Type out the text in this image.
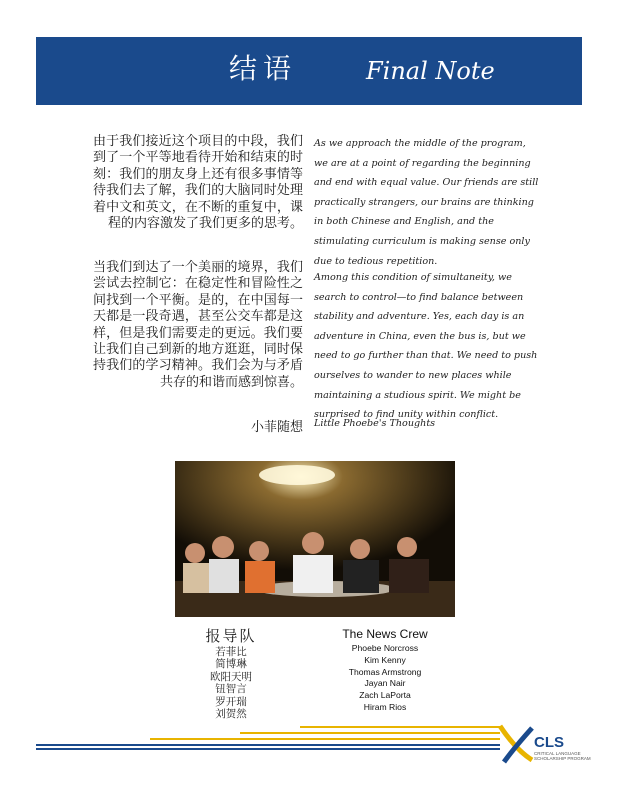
结语	Final Note

由于我们接近这个项目的中段，我们到了一个平等地看待开始和结束的时刻：我们的朋友身上还有很多事情等待我们去了解，我们的大脑同时处理着中文和英文，在不断的重复中，课程的内容激发了我们更多的思考。

当我们到达了一个美丽的境界，我们尝试去控制它：在稳定性和冒险性之间找到一个平衡。是的，在中国每一天都是一段奇遇，甚至公交车都是这样，但是我们需要走的更远。我们要让我们自己到新的地方逛逛，同时保持我们的学习精神。我们会为与矛盾共存的和谐而感到惊喜。

As we approach the middle of the program, we are at a point of regarding the beginning and end with equal value. Our friends are still practically strangers, our brains are thinking in both Chinese and English, and the stimulating curriculum is making sense only due to tedious repetition.

Among this condition of simultaneity, we search to control—to find balance between stability and adventure. Yes, each day is an adventure in China, even the bus is, but we need to go further than that. We need to push ourselves to wander to new places while maintaining a studious spirit. We might be surprised to find unity within conflict.

小菲随想 Little Phoebe's Thoughts
报导队
若菲比
简博琳
欧阳天明
钮智言
罗开瑞
刘贺然
The News Crew
Phoebe Norcross
Kim Kenny
Thomas Armstrong
Jayan Nair
Zach LaPorta
Hiram Rios
CLS
CRITICAL LANGUAGE SCHOLARSHIP PROGRAM
